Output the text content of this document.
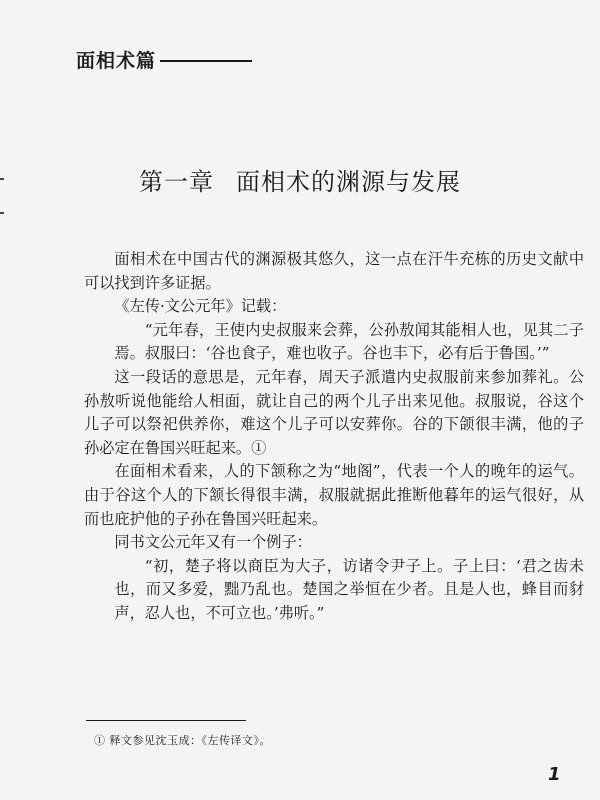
面相术篇
第一章 面相术的渊源与发展

面相术在中国古代的渊源极其悠久，这一点在汗牛充栋的历史文献中可以找到许多证据。

《左传·文公元年》记载：

“元年春，王使内史叔服来会葬，公孙敖闻其能相人也，见其二子焉。叔服曰：‘谷也食子，难也收子。谷也丰下，必有后于鲁国。’”

这一段话的意思是，元年春，周天子派遣内史叔服前来参加葬礼。公孙敖听说他能给人相面，就让自己的两个儿子出来见他。叔服说，谷这个儿子可以祭祀供养你，难这个儿子可以安葬你。谷的下颌很丰满，他的子孙必定在鲁国兴旺起来。①

在面相术看来，人的下颔称之为“地阁”，代表一个人的晚年的运气。由于谷这个人的下颔长得很丰满，叔服就据此推断他暮年的运气很好，从而也庇护他的子孙在鲁国兴旺起来。

同书文公元年又有一个例子：

“初，楚子将以商臣为大子，访诸令尹子上。子上曰：‘君之齿未也，而又多爱，黜乃乱也。楚国之举恒在少者。且是人也，蜂目而豺声，忍人也，不可立也。’弗听。”

① 释文参见沈玉成：《左传译文》。
1
